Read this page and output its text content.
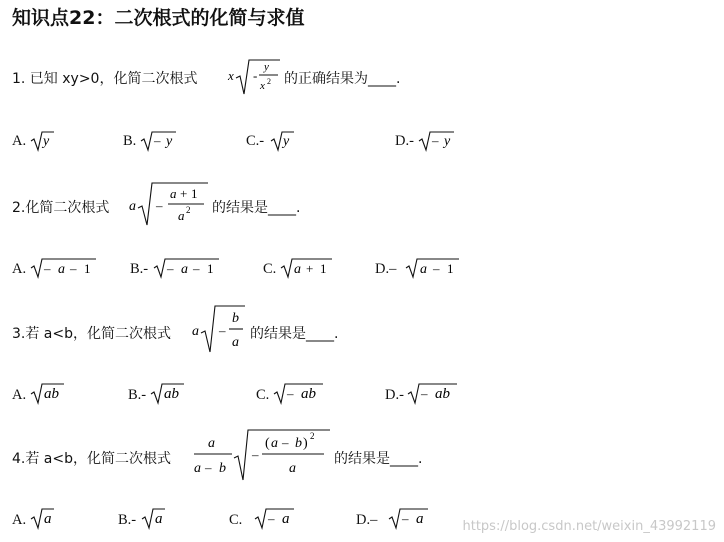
知识点22：二次根式的化简与求值
1. 已知 xy>0，化简二次根式 x -
y
x 2 的正确结果为____.
A. y	B. – y	C.- y	D.- – y
2.化简二次根式 a –
a + 1
a 2 的结果是____.
A. – a – 1	B.- – a – 1	C. a + 1	D.– a – 1
3.若 a<b，化简二次根式 a –
b
a
的结果是____.
A. ab	B.- ab	C. – ab	D.- – ab
4.若 a<b，化简二次根式
a
a – b
–
( a – b ) 2
a
的结果是____.
A. a	B.- a	C. – a	D.– – a	https://blog.csdn.net/weixin_43992119
